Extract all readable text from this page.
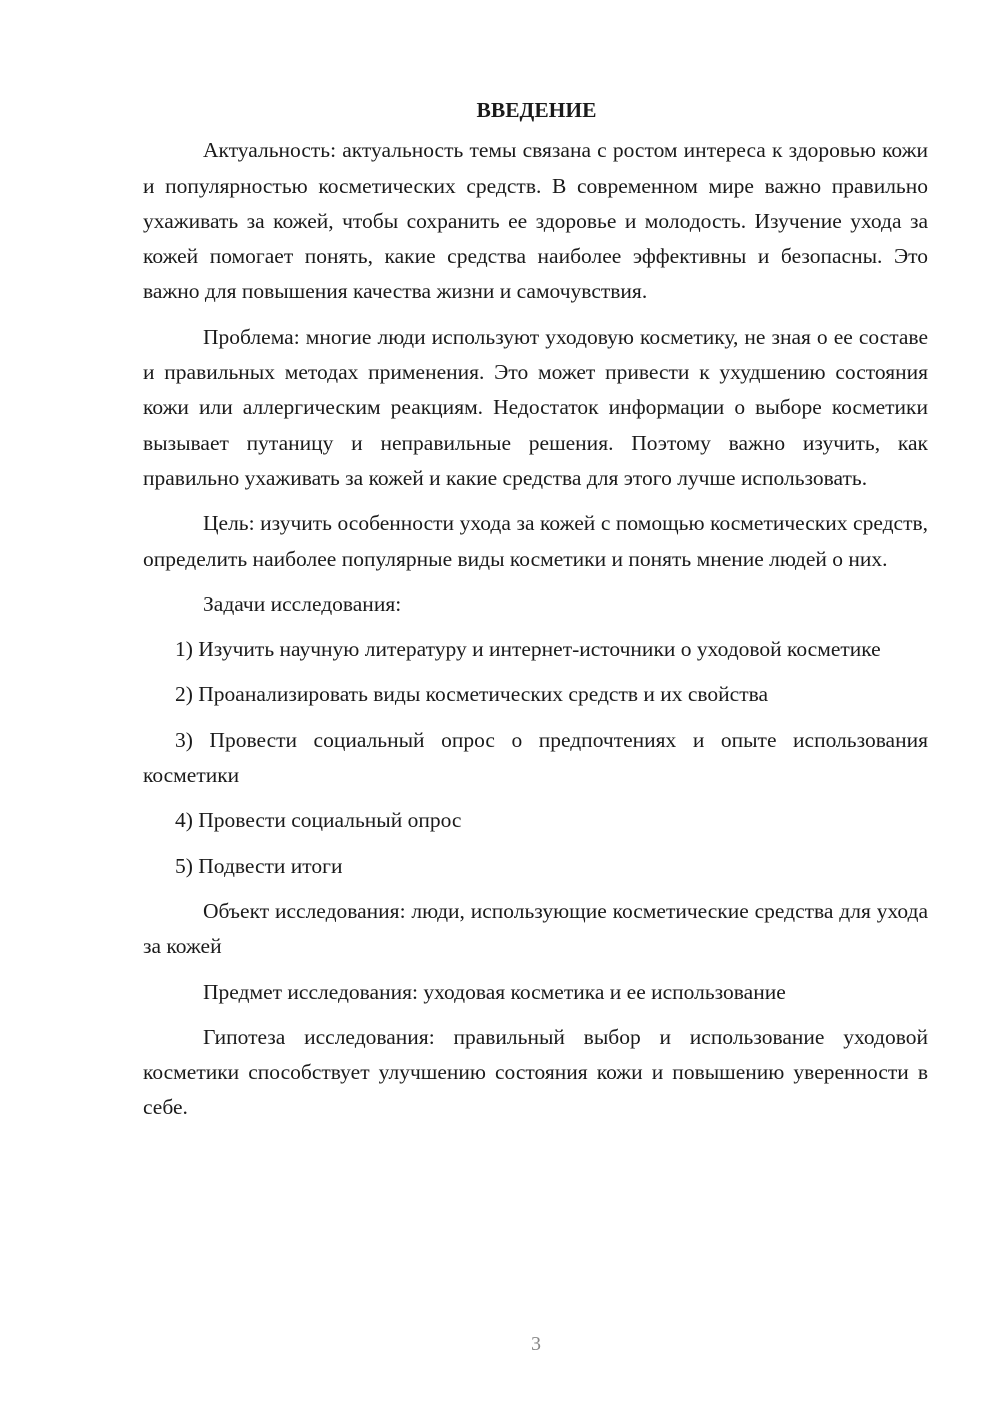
ВВЕДЕНИЕ

Актуальность: актуальность темы связана с ростом интереса к здоровью кожи и популярностью косметических средств. В современном мире важно правильно ухаживать за кожей, чтобы сохранить ее здоровье и молодость. Изучение ухода за кожей помогает понять, какие средства наиболее эффективны и безопасны. Это важно для повышения качества жизни и самочувствия.

Проблема: многие люди используют уходовую косметику, не зная о ее составе и правильных методах применения. Это может привести к ухудшению состояния кожи или аллергическим реакциям. Недостаток информации о выборе косметики вызывает путаницу и неправильные решения. Поэтому важно изучить, как правильно ухаживать за кожей и какие средства для этого лучше использовать.

Цель: изучить особенности ухода за кожей с помощью косметических средств, определить наиболее популярные виды косметики и понять мнение людей о них.

Задачи исследования:

1) Изучить научную литературу и интернет-источники о уходовой косметике

2) Проанализировать виды косметических средств и их свойства

3) Провести социальный опрос о предпочтениях и опыте использования косметики

4) Провести социальный опрос

5) Подвести итоги

Объект исследования: люди, использующие косметические средства для ухода за кожей

Предмет исследования: уходовая косметика и ее использование

Гипотеза исследования: правильный выбор и использование уходовой косметики способствует улучшению состояния кожи и повышению уверенности в себе.

3
